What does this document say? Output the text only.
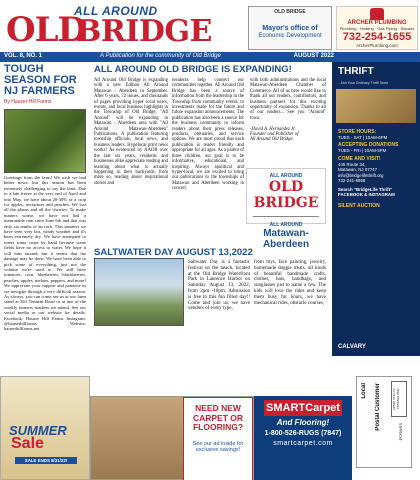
ALL AROUND
OLD
BRIDGE
OLD BRIDGE
Mayor's office of
Economic Development
ARCHER PLUMBING
Plumbing · Heating · Gas Piping · Repairs
732-254-1655
ArcherPlumbing.com
VOL. 8, NO. 1	A Publication for the community of Old Bridge	AUGUST 2022
TOUGH SEASON FOR NJ FARMERS
By Hauser Hill Farms

Greetings from the farm! We wish we had better news, but this season has been extremely challenging to say the least. Due to a late freeze at the very end of April and into May, we have about 20-30% of a crop for apples, nectarines and peaches. We lost all the plums and all the cherries. To make matters worse, we have not had a measurable rain since June 6th and that was only six tenths of an inch. This summer we have seen very hot, windy weather and it's been extremely dry. We have attempted to water some crops by hand because some fields have no access to water. We hope it will turn around, but it seems that the damage may be done. We have been able to pick some of everything, just not the volume we're used to. We still have tomatoes, corn, blueberries, blackberries, peaches, apples, melons, peppers, and more! We appreciate your support and patience as we navigate through a very difficult season. As always, you can come see us at our farm stand at 361 Tennent Road or at one of the weekly farmers markets we attend. See our social media or our website for details. Facebook: Hauser Hill Farms Instagram: @hauserhillfarms Website: hauserhillfarms.net

ALL AROUND OLD BRIDGE IS EXPANDING!
All Around Old Bridge is expanding with a new Edition All Around Matawan - Aberdeen in September. After 6 years, 72 issues, and thousands of pages providing hyper local news, events, and local business highlights in the Township of Old Bridge, "All Around" will be expanding in Matawan - Aberdeen area with "All Around Matawan-Aberdeen" Publications. A publication featuring township officials, local news, and business leaders. Hypelocal print news works! As evidenced by AAOB over the last six years, residents and businesses alike appreciate reading and learning about what is actually happening in their backyards, from more so, reading about inspirational stories and
residents help connect our communities together. All Around Old Bridge has been a source of information from the leadership in the Township from community events, to investments made for the future and future expansion announcements. The publication has also been a source for the business community to inform readers about their press releases, products, obituaries, and service options. We are most proud that each publication is reader friendly and appropriate for all ages. As a parent of three children, our goal is to be informative, educational, and inspiring. Always apolitical and hyper-local, we are excited to bring our publications to the townships of Matawan and Aberdeen working in concert
with both administrations and the local Matawan-Aberdeen Chamber of Commerce. All of us here would like to thank all our readers, contributors, and business partners for this exciting opportunity of expansion. Thanks to all of our readers... See you "Around" town.

-David A. Hernandez Jr.
Founder and Publisher of
All Around Old Bridge.
ALL AROUND
OLD BRIDGE
ALL AROUND
Matawan-Aberdeen
SALTWATER DAY AUGUST 13,2022
Saltwater Day is a fantastic festival on the beach, located at the Old Bridge Waterfront Park in Laurence Harbor on Saturday August 13, 2022, from 2pm -10pm. Admission is free to this fun filled day!! Come and join us; we have vendors of every type,
from toys, face painting, jewelry, homemade doggie treats, all kinds of beautiful handmade crafts, clothes, hats, handbags, and sunglasses just to name a few. The kids will love the rides and keep them busy for hours, we have mechanical rides, obstacle courses,
THRIFT
...Not Your Ordinary Thrift Store
STORE HOURS:
TUES - SAT | 10AM-6PM
ACCEPTING DONATIONS
TUES - FRI | 10AM-5PM
COME AND VISIT!
445 Route 34,
Matawan, NJ 07747
info@bridgelifethrift.org
732-241-6868
Search "BridgeLife Thrift" FACEBOOK & INSTAGRAM
SILENT AUCTION
CALVARY
Local Postal Customer	PRSRT STD U.S. POSTAGE PAID
ECRWSS
SUMMER
Sale
SALE ENDS 8/31/22!
NEED NEW CARPET OR FLOORING?
See our ad inside for exclusive savings!
SMARTCarpet
And Flooring!
1-800-526-RUGS (7847)
smartcarpet.com
